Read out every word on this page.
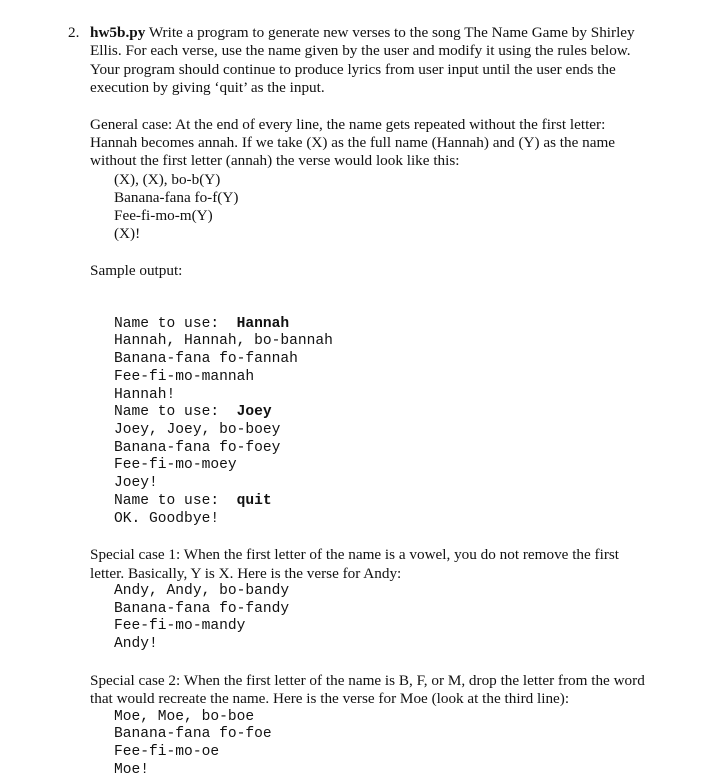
2. hw5b.py Write a program to generate new verses to the song The Name Game by Shirley Ellis. For each verse, use the name given by the user and modify it using the rules below. Your program should continue to produce lyrics from user input until the user ends the execution by giving ‘quit’ as the input.

General case: At the end of every line, the name gets repeated without the first letter: Hannah becomes annah. If we take (X) as the full name (Hannah) and (Y) as the name without the first letter (annah) the verse would look like this:

(X), (X), bo-b(Y)
Banana-fana fo-f(Y)
Fee-fi-mo-m(Y)
(X)!

Sample output:

Name to use:  Hannah
Hannah, Hannah, bo-bannah
Banana-fana fo-fannah
Fee-fi-mo-mannah
Hannah!
Name to use:  Joey
Joey, Joey, bo-boey
Banana-fana fo-foey
Fee-fi-mo-moey
Joey!
Name to use:  quit
OK. Goodbye!

Special case 1: When the first letter of the name is a vowel, you do not remove the first letter. Basically, Y is X. Here is the verse for Andy:

Andy, Andy, bo-bandy
Banana-fana fo-fandy
Fee-fi-mo-mandy
Andy!

Special case 2: When the first letter of the name is B, F, or M, drop the letter from the word that would recreate the name. Here is the verse for Moe (look at the third line):

Moe, Moe, bo-boe
Banana-fana fo-foe
Fee-fi-mo-oe
Moe!
